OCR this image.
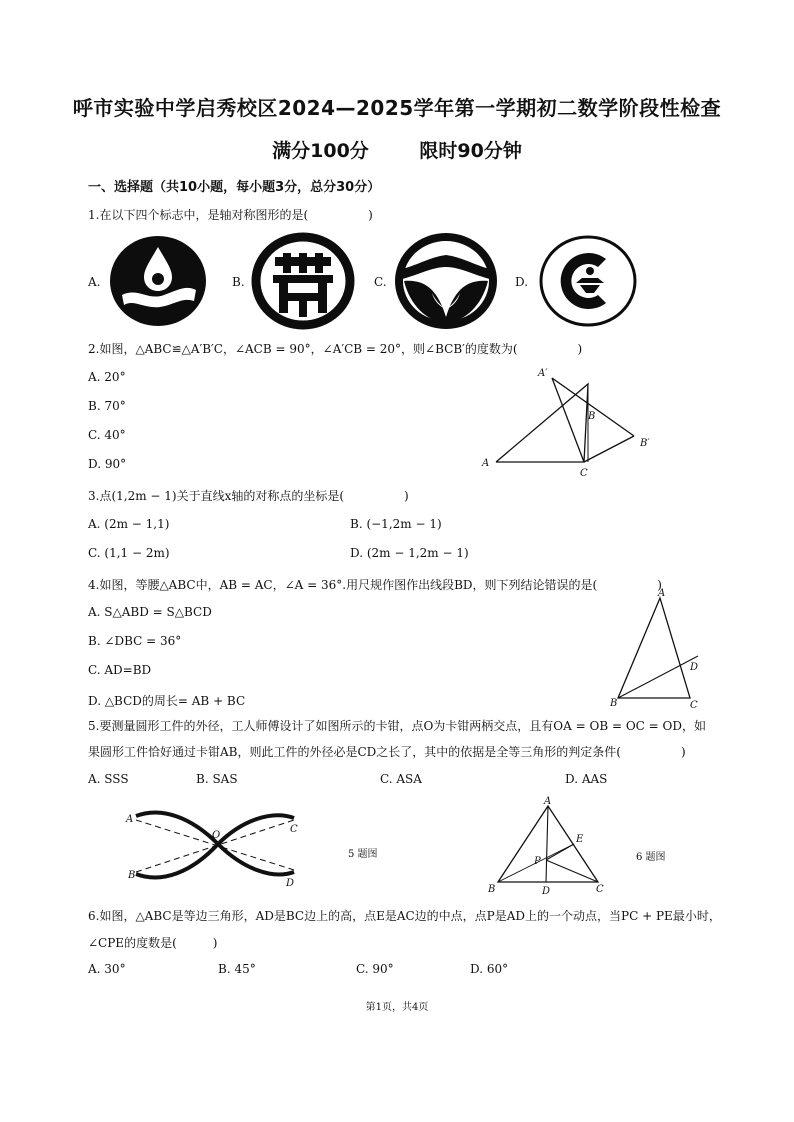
呼市实验中学启秀校区2024—2025学年第一学期初二数学阶段性检查
满分100分	限时90分钟
一、选择题（共10小题，每小题3分，总分30分）
1.在以下四个标志中，是轴对称图形的是(　　　　　)
A.	B.	C.	D.
2.如图，△ABC≌△A′B′C，∠ACB = 90°，∠A′CB = 20°，则∠BCB′的度数为(　　　　　)
A. 20°
B. 70°
C. 40°
D. 90°
A′
B
B′
A
C
3.点(1,2m − 1)关于直线x轴的对称点的坐标是(　　　　　)
A. (2m − 1,1)	B. (−1,2m − 1)
C. (1,1 − 2m)	D. (2m − 1,2m − 1)
4.如图，等腰△ABC中，AB = AC，∠A = 36°.用尺规作图作出线段BD，则下列结论错误的是(　　　　　)
A. S△ABD = S△BCD
B. ∠DBC = 36°
C. AD=BD
D. △BCD的周长= AB + BC
A
D
B	C
5.要测量圆形工件的外径，工人师傅设计了如图所示的卡钳，点O为卡钳两柄交点，且有OA = OB = OC = OD，如
果圆形工件恰好通过卡钳AB，则此工件的外径必是CD之长了，其中的依据是全等三角形的判定条件(　　　　　)
A. SSS	B. SAS	C. ASA	D. AAS
A
O
C
B
D
5 题图
A
E
P
B	D	C
6 题图
6.如图，△ABC是等边三角形，AD是BC边上的高，点E是AC边的中点，点P是AD上的一个动点，当PC + PE最小时，
∠CPE的度数是(　　　)
A. 30°	B. 45°	C. 90°	D. 60°
第1页，共4页
